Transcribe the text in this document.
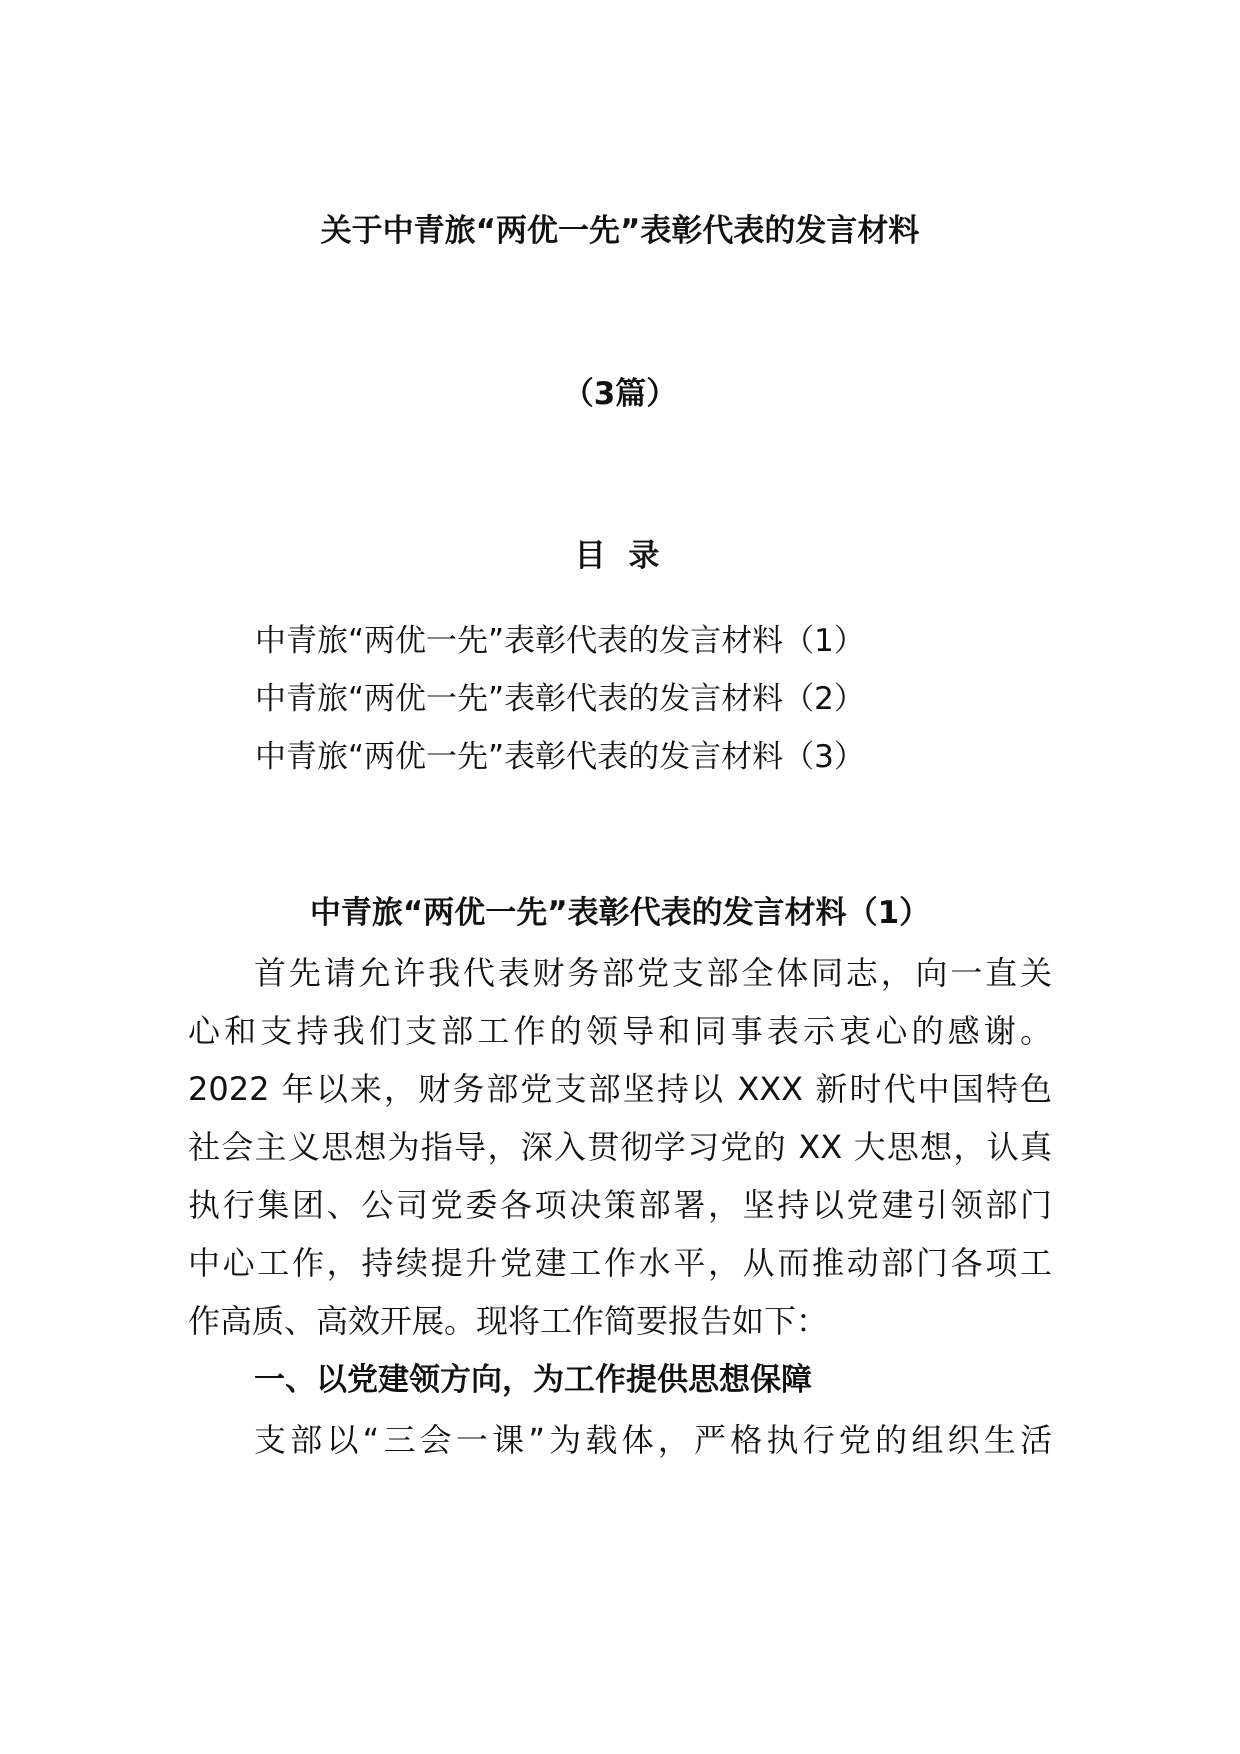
关于中青旅“两优一先”表彰代表的发言材料
（3篇）
目 录
中青旅“两优一先”表彰代表的发言材料（1）
中青旅“两优一先”表彰代表的发言材料（2）
中青旅“两优一先”表彰代表的发言材料（3）
中青旅“两优一先”表彰代表的发言材料（1）
首先请允许我代表财务部党支部全体同志，向一直关
心和支持我们支部工作的领导和同事表示衷心的感谢。
2022 年以来，财务部党支部坚持以 XXX 新时代中国特色
社会主义思想为指导，深入贯彻学习党的 XX 大思想，认真
执行集团、公司党委各项决策部署，坚持以党建引领部门
中心工作，持续提升党建工作水平，从而推动部门各项工
作高质、高效开展。现将工作简要报告如下：
一、以党建领方向，为工作提供思想保障
支部以“三会一课”为载体，严格执行党的组织生活
